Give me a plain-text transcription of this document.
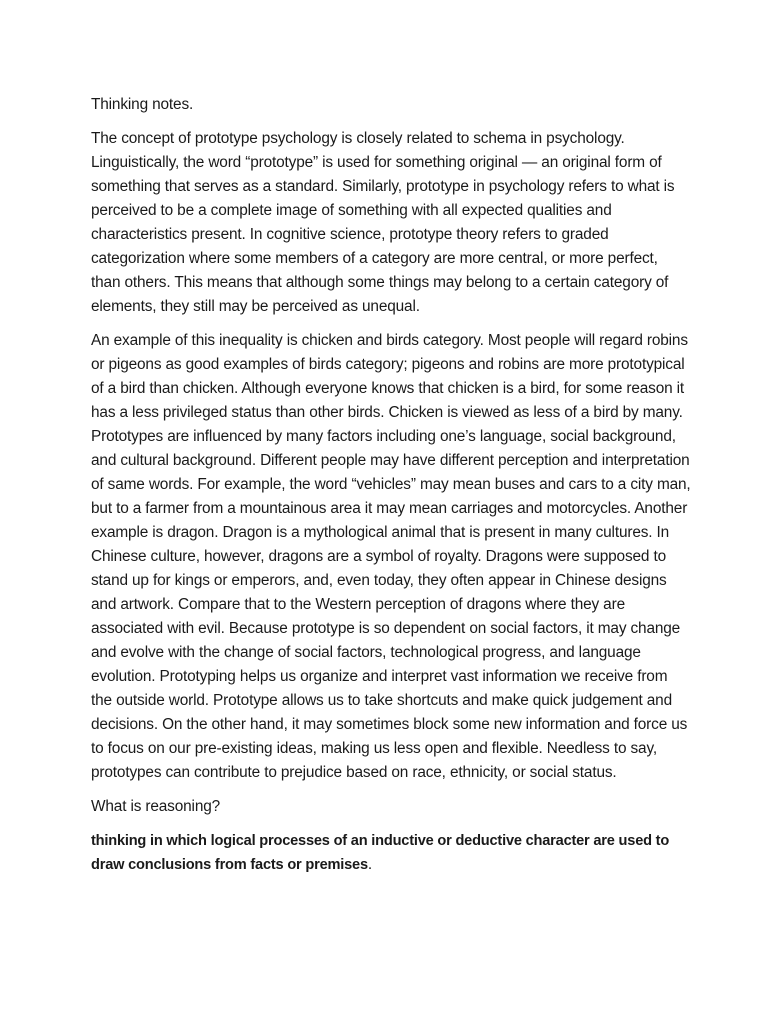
Thinking notes.

The concept of prototype psychology is closely related to schema in psychology. Linguistically, the word “prototype” is used for something original — an original form of something that serves as a standard. Similarly, prototype in psychology refers to what is perceived to be a complete image of something with all expected qualities and characteristics present. In cognitive science, prototype theory refers to graded categorization where some members of a category are more central, or more perfect, than others. This means that although some things may belong to a certain category of elements, they still may be perceived as unequal.

An example of this inequality is chicken and birds category. Most people will regard robins or pigeons as good examples of birds category; pigeons and robins are more prototypical of a bird than chicken. Although everyone knows that chicken is a bird, for some reason it has a less privileged status than other birds. Chicken is viewed as less of a bird by many. Prototypes are influenced by many factors including one’s language, social background, and cultural background. Different people may have different perception and interpretation of same words. For example, the word “vehicles” may mean buses and cars to a city man, but to a farmer from a mountainous area it may mean carriages and motorcycles. Another example is dragon. Dragon is a mythological animal that is present in many cultures. In Chinese culture, however, dragons are a symbol of royalty. Dragons were supposed to stand up for kings or emperors, and, even today, they often appear in Chinese designs and artwork. Compare that to the Western perception of dragons where they are associated with evil. Because prototype is so dependent on social factors, it may change and evolve with the change of social factors, technological progress, and language evolution. Prototyping helps us organize and interpret vast information we receive from the outside world. Prototype allows us to take shortcuts and make quick judgement and decisions. On the other hand, it may sometimes block some new information and force us to focus on our pre-existing ideas, making us less open and flexible. Needless to say, prototypes can contribute to prejudice based on race, ethnicity, or social status.

What is reasoning?

thinking in which logical processes of an inductive or deductive character are used to draw conclusions from facts or premises.
